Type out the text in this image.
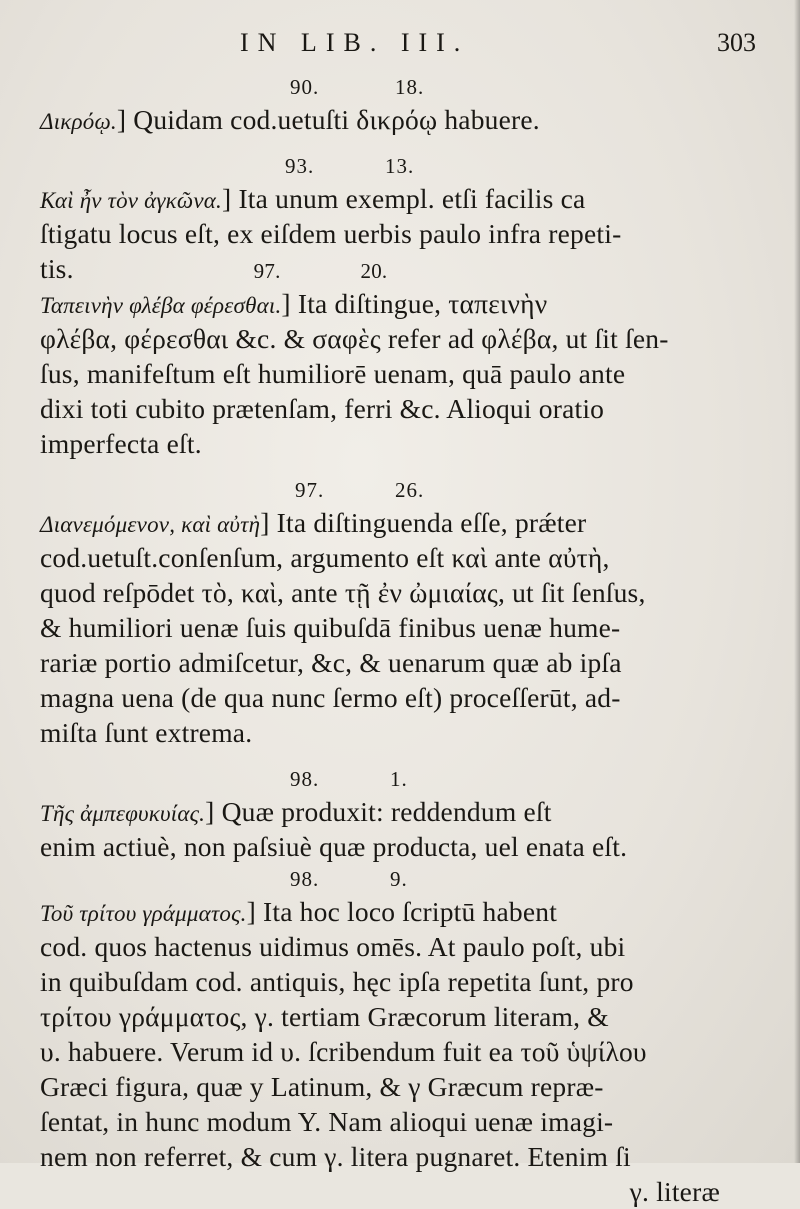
IN LIB. III.	303
90.	18.
Δικρόῳ.] Quidam cod.uetuſti δικρόῳ habuere.
93.	13.
Καὶ ἦν τὸν ἀγκῶνα.] Ita unum exempl. etſi facilis ca
ſtigatu locus eſt, ex eiſdem uerbis paulo infra repeti-
tis.	97.	20.
Ταπεινὴν φλέβα φέρεσθαι.] Ita diſtingue, ταπεινὴν
φλέβα, φέρεσθαι &c. & σαφὲς refer ad φλέβα, ut ſit ſen-
ſus, manifeſtum eſt humiliorē uenam, quā paulo ante
dixi toti cubito prætenſam, ferri &c. Alioqui oratio
imperfecta eſt.
97.	26.
Διανεμόμενον, καὶ αὐτὴ] Ita diſtinguenda eſſe, prǽter
cod.uetuſt.conſenſum, argumento eſt καὶ ante αὐτὴ,
quod reſpōdet τὸ, καὶ, ante τῇ ἐν ὠμιαίας, ut ſit ſenſus,
& humiliori uenæ ſuis quibuſdā finibus uenæ hume-
rariæ portio admiſcetur, &c, & uenarum quæ ab ipſa
magna uena (de qua nunc ſermo eſt) proceſſerūt, ad-
miſta ſunt extrema.
98.	1.
Τῆς ἀμπεφυκυίας.] Quæ produxit: reddendum eſt
enim actiuè, non paſsiuè quæ producta, uel enata eſt.
98.	9.
Τοῦ τρίτου γράμματος.] Ita hoc loco ſcriptū habent
cod. quos hactenus uidimus omēs. At paulo poſt, ubi
in quibuſdam cod. antiquis, hęc ipſa repetita ſunt, pro
τρίτου γράμματος, γ. tertiam Græcorum literam, &
υ. habuere. Verum id υ. ſcribendum fuit ea τοῦ ὑψίλου
Græci figura, quæ y Latinum, & γ Græcum repræ-
ſentat, in hunc modum Y. Nam alioqui uenæ imagi-
nem non referret, & cum γ. litera pugnaret. Etenim ſi
γ. literæ
